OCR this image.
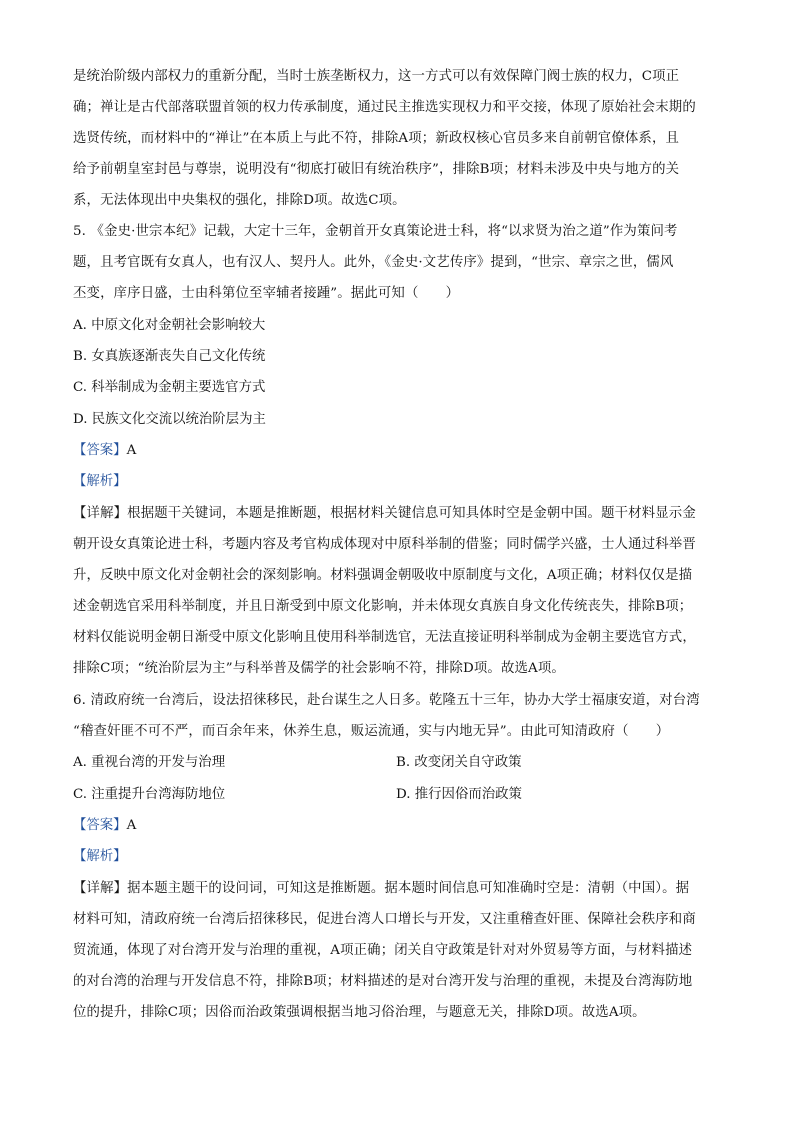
是统治阶级内部权力的重新分配，当时士族垄断权力，这一方式可以有效保障门阀士族的权力，C项正
确；禅让是古代部落联盟首领的权力传承制度，通过民主推选实现权力和平交接，体现了原始社会末期的
选贤传统，而材料中的“禅让”在本质上与此不符，排除A项；新政权核心官员多来自前朝官僚体系，且
给予前朝皇室封邑与尊崇，说明没有“彻底打破旧有统治秩序”，排除B项；材料未涉及中央与地方的关
系，无法体现出中央集权的强化，排除D项。故选C项。
5. 《金史·世宗本纪》记载，大定十三年，金朝首开女真策论进士科，将“以求贤为治之道”作为策问考
题，且考官既有女真人，也有汉人、契丹人。此外，《金史·文艺传序》提到，“世宗、章宗之世，儒风
丕变，庠序日盛，士由科第位至宰辅者接踵”。据此可知（　　）
A. 中原文化对金朝社会影响较大
B. 女真族逐渐丧失自己文化传统
C. 科举制成为金朝主要选官方式
D. 民族文化交流以统治阶层为主
【答案】A
【解析】
【详解】根据题干关键词，本题是推断题，根据材料关键信息可知具体时空是金朝中国。题干材料显示金
朝开设女真策论进士科，考题内容及考官构成体现对中原科举制的借鉴；同时儒学兴盛，士人通过科举晋
升，反映中原文化对金朝社会的深刻影响。材料强调金朝吸收中原制度与文化，A项正确；材料仅仅是描
述金朝选官采用科举制度，并且日渐受到中原文化影响，并未体现女真族自身文化传统丧失，排除B项；
材料仅能说明金朝日渐受中原文化影响且使用科举制选官，无法直接证明科举制成为金朝主要选官方式，
排除C项；“统治阶层为主”与科举普及儒学的社会影响不符，排除D项。故选A项。
6. 清政府统一台湾后，设法招徕移民，赴台谋生之人日多。乾隆五十三年，协办大学士福康安道，对台湾
“稽查奸匪不可不严，而百余年来，休养生息，贩运流通，实与内地无异”。由此可知清政府（　　）
A. 重视台湾的开发与治理	B. 改变闭关自守政策
C. 注重提升台湾海防地位	D. 推行因俗而治政策
【答案】A
【解析】
【详解】据本题主题干的设问词，可知这是推断题。据本题时间信息可知准确时空是：清朝（中国）。据
材料可知，清政府统一台湾后招徕移民，促进台湾人口增长与开发，又注重稽查奸匪、保障社会秩序和商
贸流通，体现了对台湾开发与治理的重视，A项正确；闭关自守政策是针对对外贸易等方面，与材料描述
的对台湾的治理与开发信息不符，排除B项；材料描述的是对台湾开发与治理的重视，未提及台湾海防地
位的提升，排除C项；因俗而治政策强调根据当地习俗治理，与题意无关，排除D项。故选A项。
